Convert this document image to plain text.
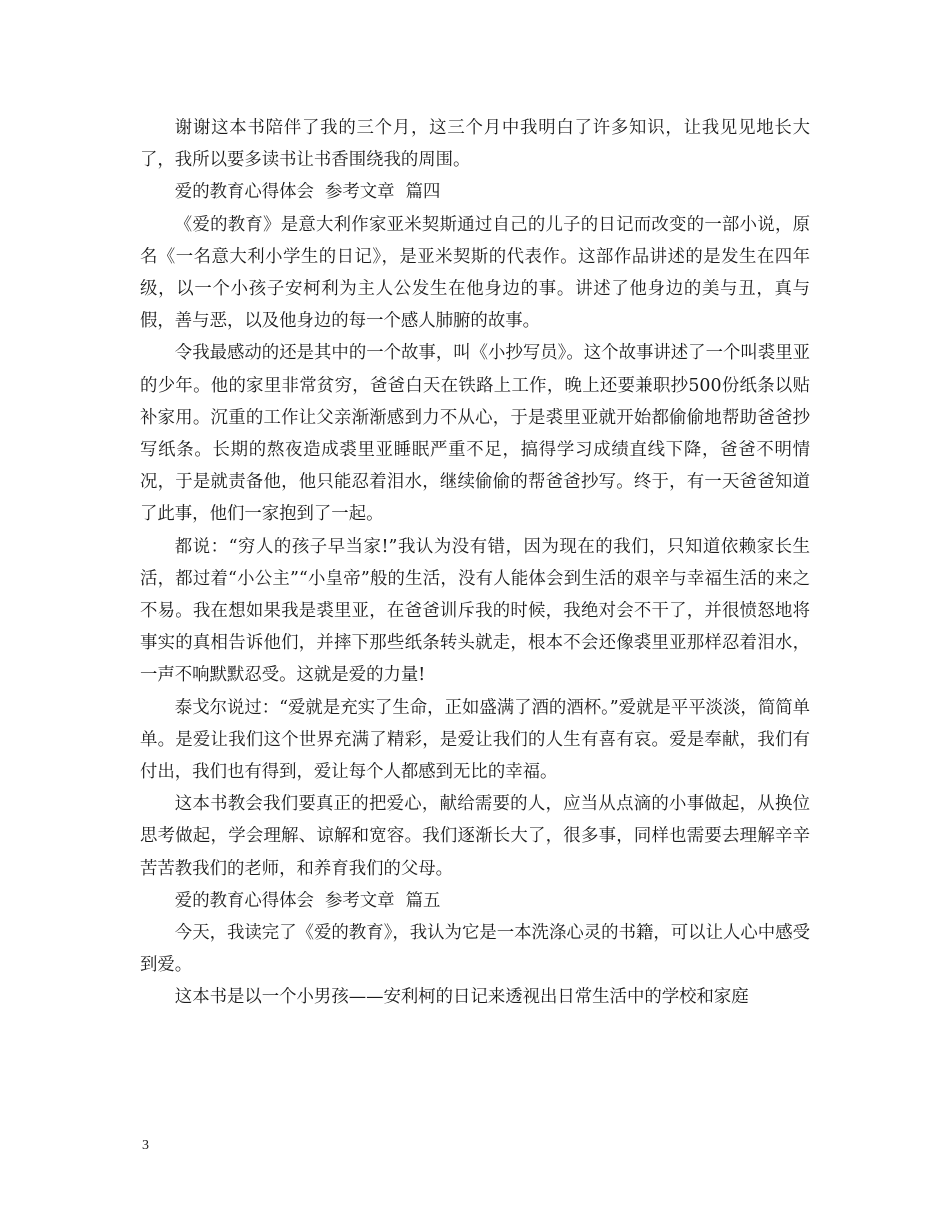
谢谢这本书陪伴了我的三个月，这三个月中我明白了许多知识，让我见见地长大了，我所以要多读书让书香围绕我的周围。

爱的教育心得体会  参考文章  篇四

《爱的教育》是意大利作家亚米契斯通过自己的儿子的日记而改变的一部小说，原名《一名意大利小学生的日记》，是亚米契斯的代表作。这部作品讲述的是发生在四年级，以一个小孩子安柯利为主人公发生在他身边的事。讲述了他身边的美与丑，真与假，善与恶，以及他身边的每一个感人肺腑的故事。

令我最感动的还是其中的一个故事，叫《小抄写员》。这个故事讲述了一个叫裘里亚的少年。他的家里非常贫穷，爸爸白天在铁路上工作，晚上还要兼职抄500份纸条以贴补家用。沉重的工作让父亲渐渐感到力不从心，于是裘里亚就开始都偷偷地帮助爸爸抄写纸条。长期的熬夜造成裘里亚睡眠严重不足，搞得学习成绩直线下降，爸爸不明情况，于是就责备他，他只能忍着泪水，继续偷偷的帮爸爸抄写。终于，有一天爸爸知道了此事，他们一家抱到了一起。

都说：“穷人的孩子早当家!”我认为没有错，因为现在的我们，只知道依赖家长生活，都过着“小公主”“小皇帝”般的生活，没有人能体会到生活的艰辛与幸福生活的来之不易。我在想如果我是裘里亚，在爸爸训斥我的时候，我绝对会不干了，并很愤怒地将事实的真相告诉他们，并摔下那些纸条转头就走，根本不会还像裘里亚那样忍着泪水，一声不响默默忍受。这就是爱的力量!

泰戈尔说过：“爱就是充实了生命，正如盛满了酒的酒杯。”爱就是平平淡淡，简简单单。是爱让我们这个世界充满了精彩，是爱让我们的人生有喜有哀。爱是奉献，我们有付出，我们也有得到，爱让每个人都感到无比的幸福。

这本书教会我们要真正的把爱心，献给需要的人，应当从点滴的小事做起，从换位思考做起，学会理解、谅解和宽容。我们逐渐长大了，很多事，同样也需要去理解辛辛苦苦教我们的老师，和养育我们的父母。

爱的教育心得体会  参考文章  篇五

今天，我读完了《爱的教育》，我认为它是一本洗涤心灵的书籍，可以让人心中感受到爱。

这本书是以一个小男孩——安利柯的日记来透视出日常生活中的学校和家庭

3
